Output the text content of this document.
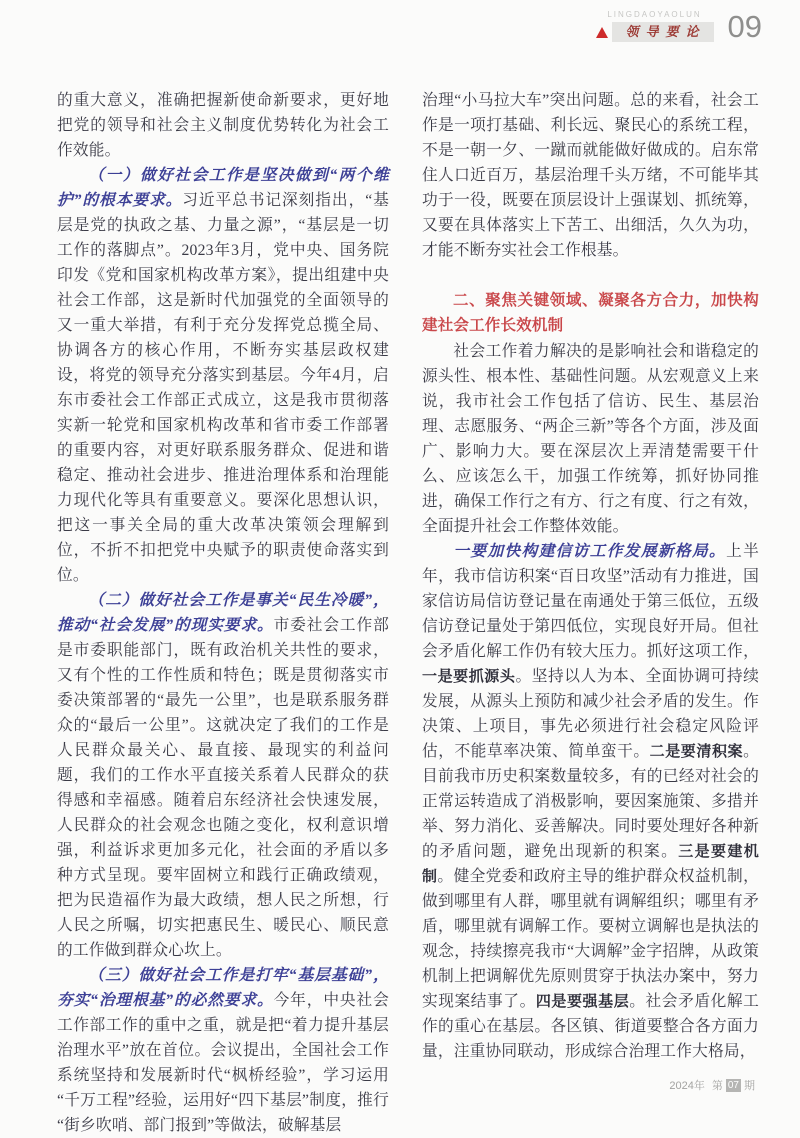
LINGDAOYAOLUN
领导要论 09

的重大意义，准确把握新使命新要求，更好地把党的领导和社会主义制度优势转化为社会工作效能。

（一）做好社会工作是坚决做到“两个维护”的根本要求。习近平总书记深刻指出，“基层是党的执政之基、力量之源”，“基层是一切工作的落脚点”。2023年3月，党中央、国务院印发《党和国家机构改革方案》，提出组建中央社会工作部，这是新时代加强党的全面领导的又一重大举措，有利于充分发挥党总揽全局、协调各方的核心作用，不断夯实基层政权建设，将党的领导充分落实到基层。今年4月，启东市委社会工作部正式成立，这是我市贯彻落实新一轮党和国家机构改革和省市委工作部署的重要内容，对更好联系服务群众、促进和谐稳定、推动社会进步、推进治理体系和治理能力现代化等具有重要意义。要深化思想认识，把这一事关全局的重大改革决策领会理解到位，不折不扣把党中央赋予的职责使命落实到位。

（二）做好社会工作是事关“民生冷暖”，推动“社会发展”的现实要求。市委社会工作部是市委职能部门，既有政治机关共性的要求，又有个性的工作性质和特色；既是贯彻落实市委决策部署的“最先一公里”，也是联系服务群众的“最后一公里”。这就决定了我们的工作是人民群众最关心、最直接、最现实的利益问题，我们的工作水平直接关系着人民群众的获得感和幸福感。随着启东经济社会快速发展，人民群众的社会观念也随之变化，权利意识增强，利益诉求更加多元化，社会面的矛盾以多种方式呈现。要牢固树立和践行正确政绩观，把为民造福作为最大政绩，想人民之所想，行人民之所嘱，切实把惠民生、暖民心、顺民意的工作做到群众心坎上。

（三）做好社会工作是打牢“基层基础”，夯实“治理根基”的必然要求。今年，中央社会工作部工作的重中之重，就是把“着力提升基层治理水平”放在首位。会议提出，全国社会工作系统坚持和发展新时代“枫桥经验”，学习运用“千万工程”经验，运用好“四下基层”制度，推行“街乡吹哨、部门报到”等做法，破解基层

治理“小马拉大车”突出问题。总的来看，社会工作是一项打基础、利长远、聚民心的系统工程，不是一朝一夕、一蹴而就能做好做成的。启东常住人口近百万，基层治理千头万绪，不可能毕其功于一役，既要在顶层设计上强谋划、抓统筹，又要在具体落实上下苦工、出细活，久久为功，才能不断夯实社会工作根基。

二、聚焦关键领域、凝聚各方合力，加快构建社会工作长效机制

社会工作着力解决的是影响社会和谐稳定的源头性、根本性、基础性问题。从宏观意义上来说，我市社会工作包括了信访、民生、基层治理、志愿服务、“两企三新”等各个方面，涉及面广、影响力大。要在深层次上弄清楚需要干什么、应该怎么干，加强工作统筹，抓好协同推进，确保工作行之有方、行之有度、行之有效，全面提升社会工作整体效能。

一要加快构建信访工作发展新格局。上半年，我市信访积案“百日攻坚”活动有力推进，国家信访局信访登记量在南通处于第三低位，五级信访登记量处于第四低位，实现良好开局。但社会矛盾化解工作仍有较大压力。抓好这项工作，一是要抓源头。坚持以人为本、全面协调可持续发展，从源头上预防和减少社会矛盾的发生。作决策、上项目，事先必须进行社会稳定风险评估，不能草率决策、简单蛮干。二是要清积案。目前我市历史积案数量较多，有的已经对社会的正常运转造成了消极影响，要因案施策、多措并举、努力消化、妥善解决。同时要处理好各种新的矛盾问题，避免出现新的积案。三是要建机制。健全党委和政府主导的维护群众权益机制，做到哪里有人群，哪里就有调解组织；哪里有矛盾，哪里就有调解工作。要树立调解也是执法的观念，持续擦亮我市“大调解”金字招牌，从政策机制上把调解优先原则贯穿于执法办案中，努力实现案结事了。四是要强基层。社会矛盾化解工作的重心在基层。各区镇、街道要整合各方面力量，注重协同联动，形成综合治理工作大格局，

2024年 第 07 期
